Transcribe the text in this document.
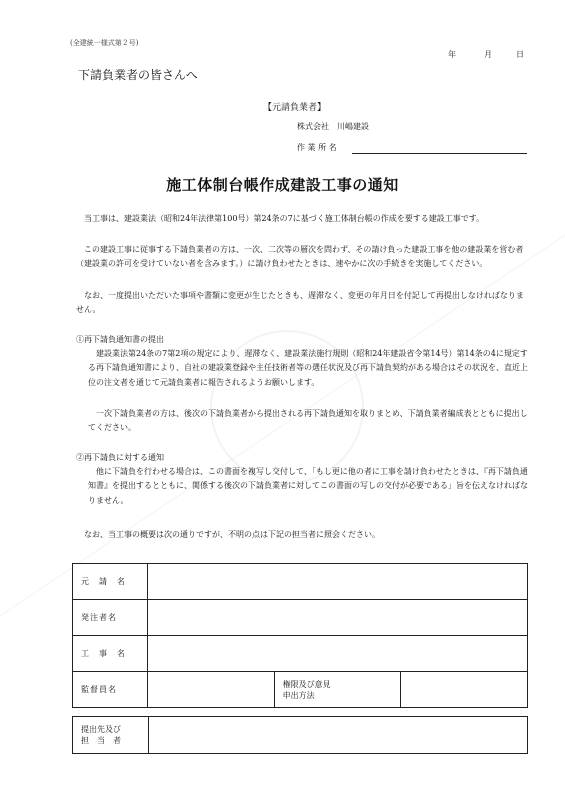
(全建統一様式第２号)
年	月	日
下請負業者の皆さんへ
【元請負業者】
株式会社　川嶋建設
作 業 所 名
施工体制台帳作成建設工事の通知
　当工事は、建設業法（昭和24年法律第100号）第24条の7に基づく施工体制台帳の作成を要する建設工事です。
　この建設工事に従事する下請負業者の方は、一次、二次等の層次を問わず、その請け負った建設工事を他の建設業を営む者（建設業の許可を受けていない者を含みます。）に請け負わせたときは、速やかに次の手続きを実施してください。
　なお、一度提出いただいた事項や書類に変更が生じたときも、遅滞なく、変更の年月日を付記して再提出しなければなりません。
①再下請負通知書の提出
　建設業法第24条の7第2項の規定により、遅滞なく、建設業法施行規則（昭和24年建設省令第14号）第14条の4に規定する再下請負通知書により、自社の建設業登録や主任技術者等の選任状況及び再下請負契約がある場合はその状況を、直近上位の注文者を通じて元請負業者に報告されるようお願いします。
　一次下請負業者の方は、後次の下請負業者から提出される再下請負通知を取りまとめ、下請負業者編成表とともに提出してください。
②再下請負に対する通知
　他に下請負を行わせる場合は、この書面を複写し交付して、「もし更に他の者に工事を請け負わせたときは、『再下請負通知書』を提出するとともに、関係する後次の下請負業者に対してこの書面の写しの交付が必要である」旨を伝えなければなりません。
　なお、当工事の概要は次の通りですが、不明の点は下記の担当者に照会ください。
元　請　名			
発注者名			
工　事　名			
監督員名		権限及び意見
申出方法	
提出先及び
担　当　者	
